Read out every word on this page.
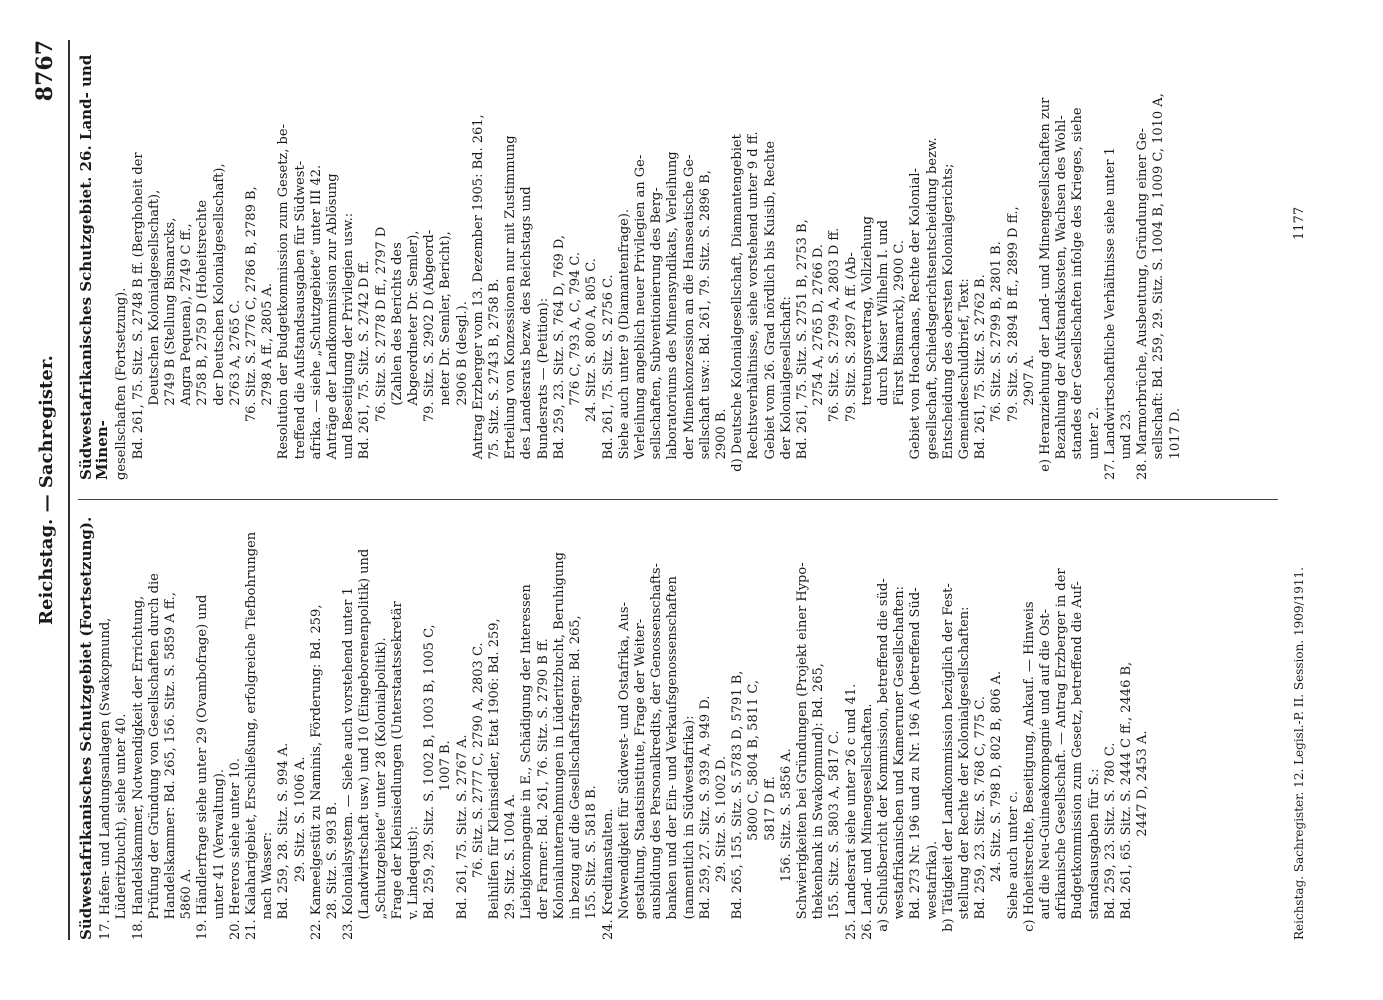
Reichstag. — Sachregister.
8767
Südwestafrikanisches Schutzgebiet (Fortsetzung). 17. Hafen- und Landungsanlagen (Swakopmund, Lüderitzbucht), siehe unter 40. 18. Handelskammer, Notwendigkeit der Errichtung, Prüfung der Gründung von Gesellschaften durch die Handelskammer: Bd. 265, 156. Sitz. S. 5859 A ff., 5860 A. 19. Händlerfrage siehe unter 29 (Ovambofrage) und unter 41 (Verwaltung). 20. Hereros siehe unter 10. 21. Kalaharigebiet, Erschließung, erfolgreiche Tiefbohrungen nach Wasser: Bd. 259, 28. Sitz. S. 994 A. 29. Sitz. S. 1006 A. 22. Kameelgestüt zu Naminis, Förderung: Bd. 259, 28. Sitz. S. 993 B. 23. Kolonialsystem. — Siehe auch vorstehend unter 1 (Landwirtschaft usw.) und 10 (Eingeborenenpolitik) und „Schutzgebiete“ unter 28 (Kolonialpolitik). Frage der Kleinsiedlungen (Unterstaatssekretär v. Lindequist): Bd. 259, 29. Sitz. S. 1002 B, 1003 B, 1005 C, 1007 B. Bd. 261, 75. Sitz. S. 2767 A. 76. Sitz. S. 2777 C, 2790 A, 2803 C. Beihilfen für Kleinsiedler, Etat 1906: Bd. 259, 29. Sitz. S. 1004 A. Liebigkompagnie in E., Schädigung der Interessen der Farmer: Bd. 261, 76. Sitz. S. 2790 B ff. Kolonialunternehmungen in Lüderitzbucht, Beruhigung in bezug auf die Gesellschaftsfragen: Bd. 265, 155. Sitz. S. 5818 B. 24. Kreditanstalten. Notwendigkeit für Südwest- und Ostafrika, Aus- gestaltung, Staatsinstitute, Frage der Weiter- ausbildung des Personalkredits, der Genossenschafts- banken und der Ein- und Verkaufsgenossenschaften (namentlich in Südwestafrika): Bd. 259, 27. Sitz. S. 939 A, 949 D. 29. Sitz. S. 1002 D. Bd. 265, 155. Sitz. S. 5783 D, 5791 B, 5800 C, 5804 B, 5811 C, 5817 D ff. 156. Sitz. S. 5856 A. Schwierigkeiten bei Gründungen (Projekt einer Hypo- thekenbank in Swakopmund): Bd. 265, 155. Sitz. S. 5803 A, 5817 C. 25. Landesrat siehe unter 26 c und 41. 26. Land- und Minengesellschaften. a) Schlußbericht der Kommission, betreffend die süd- westafrikanischen und Kameruner Gesellschaften: Bd. 273 Nr. 196 und zu Nr. 196 A (betreffend Süd- westafrika). b) Tätigkeit der Landkommission bezüglich der Fest- stellung der Rechte der Kolonialgesellschaften: Bd. 259, 23. Sitz. S. 768 C, 775 C. 24. Sitz. S. 798 D, 802 B, 806 A. Siehe auch unter c. c) Hoheitsrechte, Beseitigung, Ankauf. — Hinweis auf die Neu-Guineakompagnie und auf die Ost- afrikanische Gesellschaft. — Antrag Erzberger in der Budgetkommission zum Gesetz, betreffend die Auf- standsausgaben für S.: Bd. 259, 23. Sitz. S. 780 C. Bd. 261, 65. Sitz. S. 2444 C ff., 2446 B, 2447 D, 2453 A.
Südwestafrikanisches Schutzgebiet. 26. Land- und Minen- gesellschaften (Fortsetzung). Bd. 261, 75. Sitz. S. 2748 B ff. (Berghoheit der Deutschen Kolonialgesellschaft), 2749 B (Stellung Bismarcks, Angra Pequena), 2749 C ff., 2758 B, 2759 D (Hoheitsrechte der Deutschen Kolonialgesellschaft), 2763 A, 2765 C. 76. Sitz. S. 2776 C, 2786 B, 2789 B, 2798 A ff., 2805 A. Resolution der Budgetkommission zum Gesetz, be- treffend die Aufstandsausgaben für Südwest- afrika. — siehe „Schutzgebiete“ unter III 42. Anträge der Landkommission zur Ablösung und Beseitigung der Privilegien usw.: Bd. 261, 75. Sitz. S. 2742 D ff. 76. Sitz. S. 2778 D ff., 2797 D (Zahlen des Berichts des Abgeordneter Dr. Semler), 79. Sitz. S. 2902 D (Abgeord- neter Dr. Semler, Bericht), 2906 B (desgl.). Antrag Erzberger vom 13. Dezember 1905: Bd. 261, 75. Sitz. S. 2743 B, 2758 B. Erteilung von Konzessionen nur mit Zustimmung des Landesrats bezw. des Reichstags und Bundesrats — (Petition): Bd. 259, 23. Sitz. S. 764 D, 769 D, 776 C, 793 A, C, 794 C. 24. Sitz. S. 800 A, 805 C. Bd. 261, 75. Sitz. S. 2756 C. Siehe auch unter 9 (Diamantenfrage). Verleihung angeblich neuer Privilegien an Ge- sellschaften, Subventionierung des Berg- laboratoriums des Minensyndikats, Verleihung der Minenkonzession an die Hanseatische Ge- sellschaft usw.: Bd. 261, 79. Sitz. S. 2896 B, 2900 B. d) Deutsche Kolonialgesellschaft, Diamantengebiet Rechtsverhältnisse, siehe vorstehend unter 9 d ff. Gebiet vom 26. Grad nördlich bis Kuisib, Rechte der Kolonialgesellschaft: Bd. 261, 75. Sitz. S. 2751 B, 2753 B, 2754 A, 2765 D, 2766 D. 76. Sitz. S. 2799 A, 2803 D ff. 79. Sitz. S. 2897 A ff. (Ab- tretungsvertrag, Vollziehung durch Kaiser Wilhelm I. und Fürst Bismarck), 2900 C. Gebiet von Hoachanas, Rechte der Kolonial- gesellschaft, Schiedsgerichtsentscheidung bezw. Entscheidung des obersten Kolonialgerichts; Gemeindeschuldbrief, Text: Bd. 261, 75. Sitz. S. 2762 B. 76. Sitz. S. 2799 B, 2801 B. 79. Sitz. S. 2894 B ff., 2899 D ff., 2907 A. e) Heranziehung der Land- und Minengesellschaften zur Bezahlung der Aufstandskosten, Wachsen des Wohl- standes der Gesellschaften infolge des Krieges, siehe unter 2. 27. Landwirtschaftliche Verhältnisse siehe unter 1 und 23. 28. Marmorbrüche, Ausbeutung, Gründung einer Ge- sellschaft: Bd. 259, 29. Sitz. S. 1004 B, 1009 C, 1010 A, 1017 D.
Reichstag. Sachregister. 12. Legisl.-P. II. Session. 1909/1911.
1177
